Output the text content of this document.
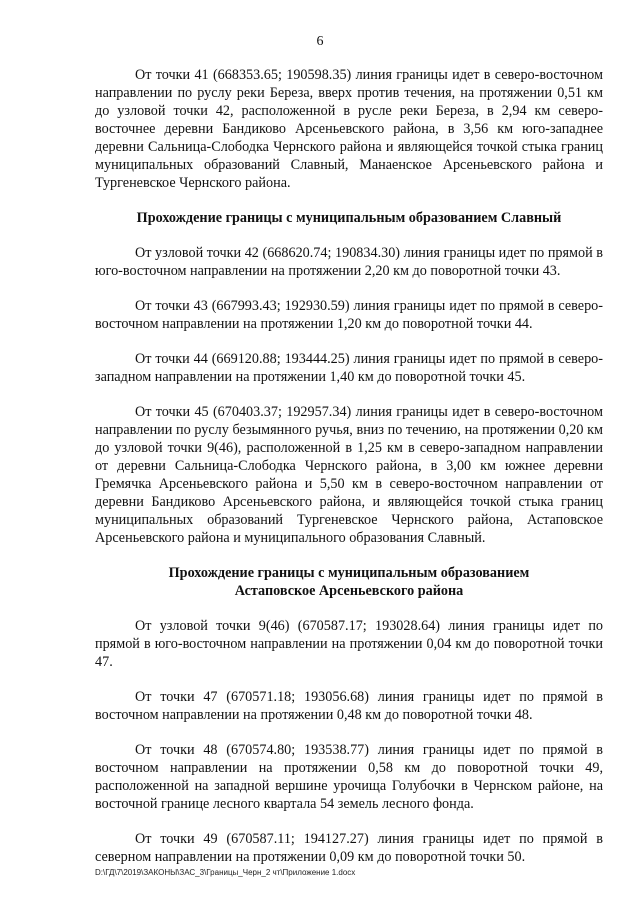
6

От точки 41 (668353.65; 190598.35) линия границы идет в северо-восточном направлении по руслу реки Береза, вверх против течения, на протяжении 0,51 км до узловой точки 42, расположенной в русле реки Береза, в 2,94 км северо-восточнее деревни Бандиково Арсеньевского района, в 3,56 км юго-западнее деревни Сальница-Слободка Чернского района и являющейся точкой стыка границ муниципальных образований Славный, Манаенское Арсеньевского района и Тургеневское Чернского района.

Прохождение границы с муниципальным образованием Славный

От узловой точки 42 (668620.74; 190834.30) линия границы идет по прямой в юго-восточном направлении на протяжении 2,20 км до поворотной точки 43.

От точки 43 (667993.43; 192930.59) линия границы идет по прямой в северо-восточном направлении на протяжении 1,20 км до поворотной точки 44.

От точки 44 (669120.88; 193444.25) линия границы идет по прямой в северо-западном направлении на протяжении 1,40 км до поворотной точки 45.

От точки 45 (670403.37; 192957.34) линия границы идет в северо-восточном направлении по руслу безымянного ручья, вниз по течению, на протяжении 0,20 км до узловой точки 9(46), расположенной в 1,25 км в северо-западном направлении от деревни Сальница-Слободка Чернского района, в 3,00 км южнее деревни Гремячка Арсеньевского района и 5,50 км в северо-восточном направлении от деревни Бандиково Арсеньевского района, и являющейся точкой стыка границ муниципальных образований Тургеневское Чернского района, Астаповское Арсеньевского района и муниципального образования Славный.

Прохождение границы с муниципальным образованием
Астаповское Арсеньевского района

От узловой точки 9(46) (670587.17; 193028.64) линия границы идет по прямой в юго-восточном направлении на протяжении 0,04 км до поворотной точки 47.

От точки 47 (670571.18; 193056.68) линия границы идет по прямой в восточном направлении на протяжении 0,48 км до поворотной точки 48.

От точки 48 (670574.80; 193538.77) линия границы идет по прямой в восточном направлении на протяжении 0,58 км до поворотной точки 49, расположенной на западной вершине урочища Голубочки в Чернском районе, на восточной границе лесного квартала 54 земель лесного фонда.

От точки 49 (670587.11; 194127.27) линия границы идет по прямой в северном направлении на протяжении 0,09 км до поворотной точки 50.

D:\ГД\7\2019\ЗАКОНЫ\ЗАС_3\Границы_Черн_2 чт\Приложение 1.docx
